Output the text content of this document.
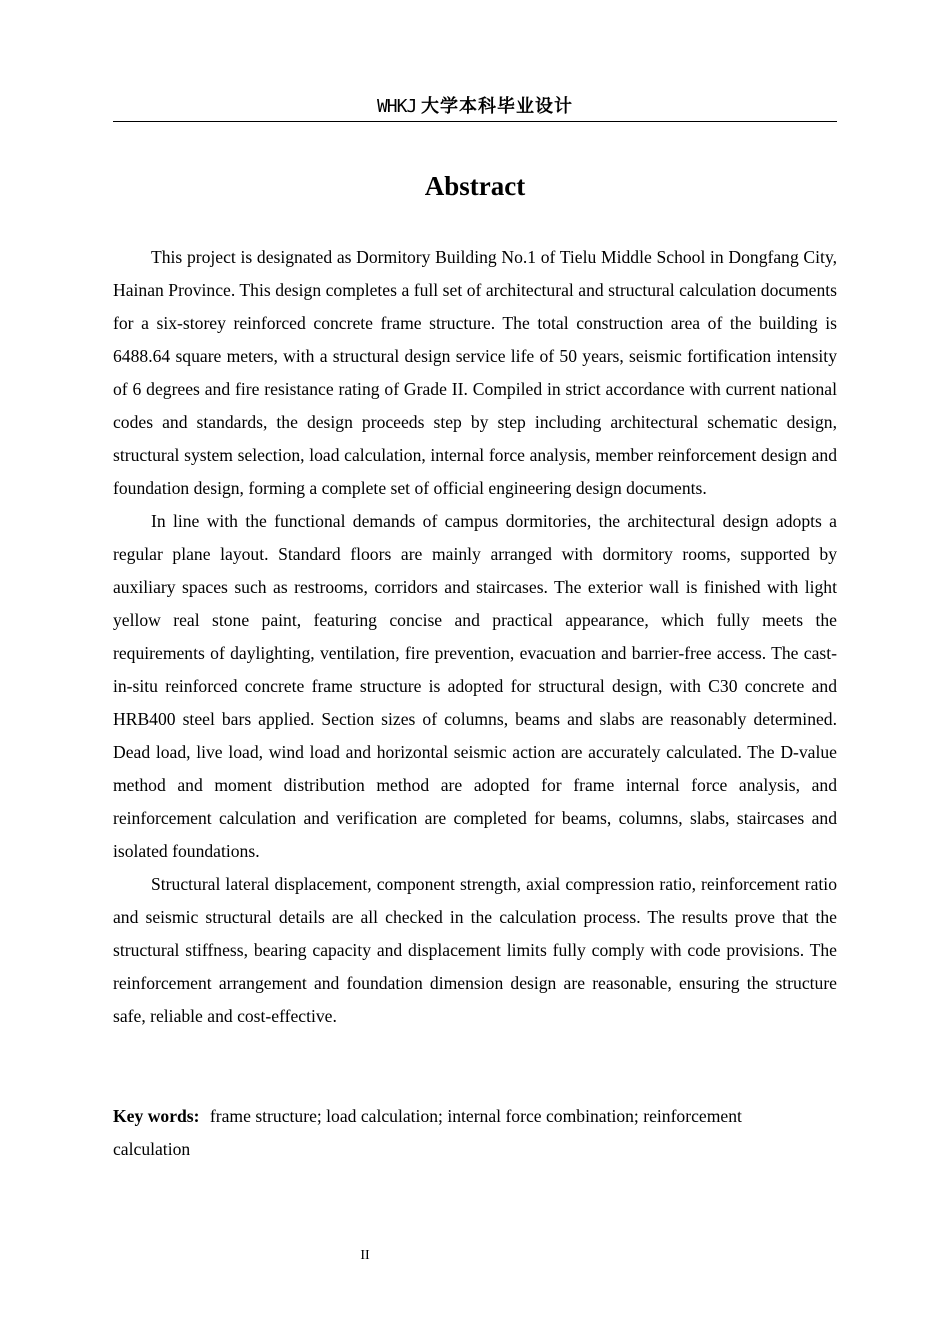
WHKJ 大学本科毕业设计
Abstract

This project is designated as Dormitory Building No.1 of Tielu Middle School in Dongfang City, Hainan Province. This design completes a full set of architectural and structural calculation documents for a six-storey reinforced concrete frame structure. The total construction area of the building is 6488.64 square meters, with a structural design service life of 50 years, seismic fortification intensity of 6 degrees and fire resistance rating of Grade II. Compiled in strict accordance with current national codes and standards, the design proceeds step by step including architectural schematic design, structural system selection, load calculation, internal force analysis, member reinforcement design and foundation design, forming a complete set of official engineering design documents.

In line with the functional demands of campus dormitories, the architectural design adopts a regular plane layout. Standard floors are mainly arranged with dormitory rooms, supported by auxiliary spaces such as restrooms, corridors and staircases. The exterior wall is finished with light yellow real stone paint, featuring concise and practical appearance, which fully meets the requirements of daylighting, ventilation, fire prevention, evacuation and barrier-free access. The cast-in-situ reinforced concrete frame structure is adopted for structural design, with C30 concrete and HRB400 steel bars applied. Section sizes of columns, beams and slabs are reasonably determined. Dead load, live load, wind load and horizontal seismic action are accurately calculated. The D-value method and moment distribution method are adopted for frame internal force analysis, and reinforcement calculation and verification are completed for beams, columns, slabs, staircases and isolated foundations.

Structural lateral displacement, component strength, axial compression ratio, reinforcement ratio and seismic structural details are all checked in the calculation process. The results prove that the structural stiffness, bearing capacity and displacement limits fully comply with code provisions. The reinforcement arrangement and foundation dimension design are reasonable, ensuring the structure safe, reliable and cost-effective.

Key words: frame structure; load calculation; internal force combination; reinforcement calculation

II
